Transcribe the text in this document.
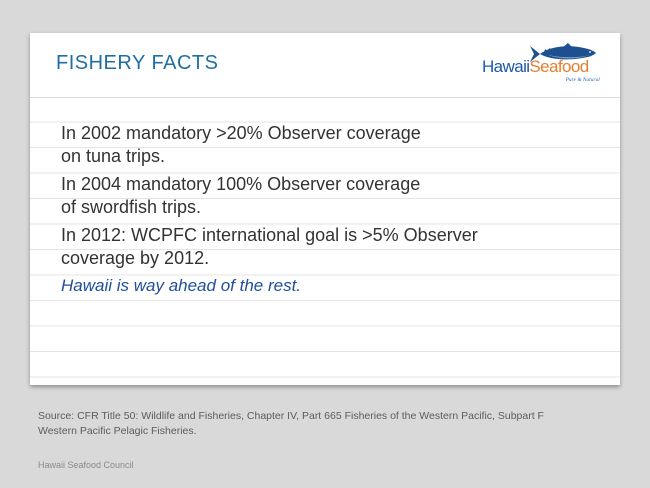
FISHERY FACTS	HawaiiSeafood
Pure & Natural
In 2002 mandatory >20% Observer coverage
on tuna trips.
In 2004 mandatory 100% Observer coverage
of swordfish trips.
In 2012: WCPFC international goal is >5% Observer
coverage by 2012.
Hawaii is way ahead of the rest.
Source: CFR Title 50: Wildlife and Fisheries, Chapter IV, Part 665 Fisheries of the Western Pacific, Subpart F
Western Pacific Pelagic Fisheries.
Hawaii Seafood Council
